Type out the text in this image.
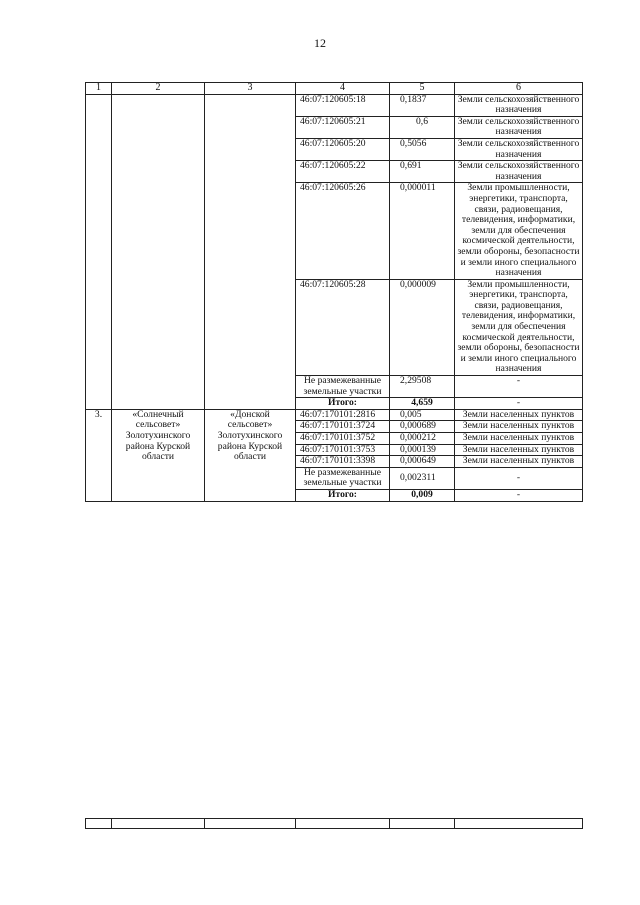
12
1	2	3	4	5	6
			46:07:120605:18	0,1837	Земли сельскохозяйственного назначения
			46:07:120605:21	0,6	Земли сельскохозяйственного назначения
			46:07:120605:20	0,5056	Земли сельскохозяйственного назначения
			46:07:120605:22	0,691	Земли сельскохозяйственного назначения
			46:07:120605:26	0,000011	Земли промышленности, энергетики, транспорта, связи, радиовещания, телевидения, информатики, земли для обеспечения космической деятельности, земли обороны, безопасности и земли иного специального назначения
			46:07:120605:28	0,000009	Земли промышленности, энергетики, транспорта, связи, радиовещания, телевидения, информатики, земли для обеспечения космической деятельности, земли обороны, безопасности и земли иного специального назначения
			Не размежеванные земельные участки	2,29508	-
			Итого:	4,659	-
3.	«Солнечный сельсовет» Золотухинского района Курской области	«Донской сельсовет» Золотухинского района Курской области	46:07:170101:2816	0,005	Земли населенных пунктов
			46:07:170101:3724	0,000689	Земли населенных пунктов
			46:07:170101:3752	0,000212	Земли населенных пунктов
			46:07:170101:3753	0,000139	Земли населенных пунктов
			46:07:170101:3398	0,000649	Земли населенных пунктов
			Не размежеванные земельные участки	0,002311	-
			Итого:	0,009	-
